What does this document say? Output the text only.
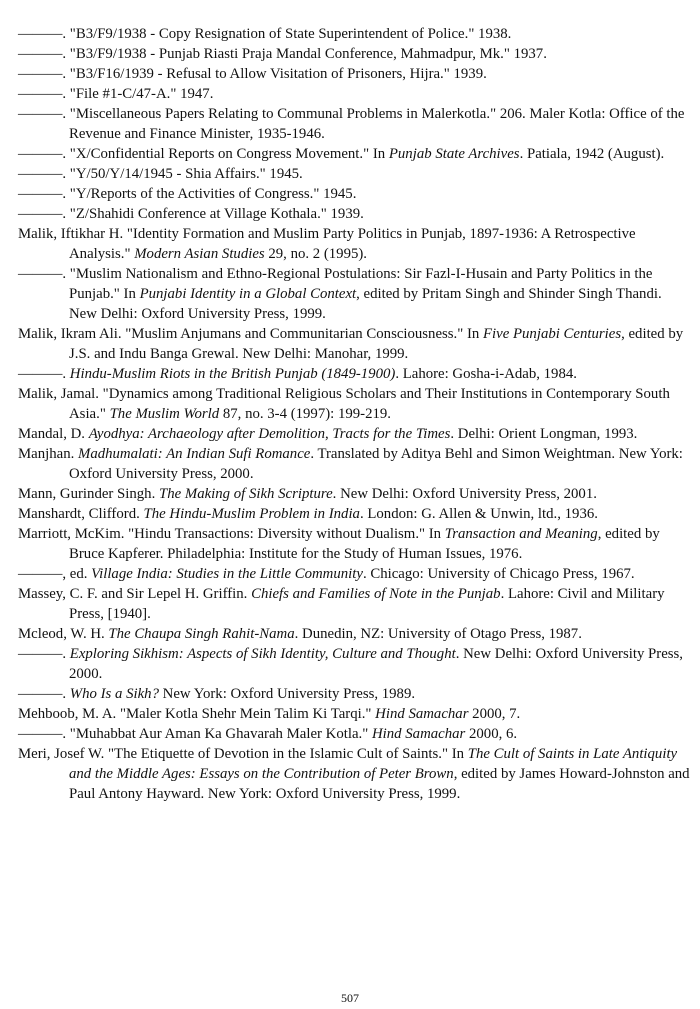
———. "B3/F9/1938 - Copy Resignation of State Superintendent of Police." 1938.

———. "B3/F9/1938 - Punjab Riasti Praja Mandal Conference, Mahmadpur, Mk." 1937.

———. "B3/F16/1939 - Refusal to Allow Visitation of Prisoners, Hijra." 1939.

———. "File #1-C/47-A." 1947.

———. "Miscellaneous Papers Relating to Communal Problems in Malerkotla." 206. Maler Kotla: Office of the Revenue and Finance Minister, 1935-1946.

———. "X/Confidential Reports on Congress Movement." In Punjab State Archives. Patiala, 1942 (August).

———. "Y/50/Y/14/1945 - Shia Affairs." 1945.

———. "Y/Reports of the Activities of Congress." 1945.

———. "Z/Shahidi Conference at Village Kothala." 1939.

Malik, Iftikhar H. "Identity Formation and Muslim Party Politics in Punjab, 1897-1936: A Retrospective Analysis." Modern Asian Studies 29, no. 2 (1995).

———. "Muslim Nationalism and Ethno-Regional Postulations: Sir Fazl-I-Husain and Party Politics in the Punjab." In Punjabi Identity in a Global Context, edited by Pritam Singh and Shinder Singh Thandi. New Delhi: Oxford University Press, 1999.

Malik, Ikram Ali. "Muslim Anjumans and Communitarian Consciousness." In Five Punjabi Centuries, edited by J.S. and Indu Banga Grewal. New Delhi: Manohar, 1999.

———. Hindu-Muslim Riots in the British Punjab (1849-1900). Lahore: Gosha-i-Adab, 1984.

Malik, Jamal. "Dynamics among Traditional Religious Scholars and Their Institutions in Contemporary South Asia." The Muslim World 87, no. 3-4 (1997): 199-219.

Mandal, D. Ayodhya: Archaeology after Demolition, Tracts for the Times. Delhi: Orient Longman, 1993.

Manjhan. Madhumalati: An Indian Sufi Romance. Translated by Aditya Behl and Simon Weightman. New York: Oxford University Press, 2000.

Mann, Gurinder Singh. The Making of Sikh Scripture. New Delhi: Oxford University Press, 2001.

Manshardt, Clifford. The Hindu-Muslim Problem in India. London: G. Allen & Unwin, ltd., 1936.

Marriott, McKim. "Hindu Transactions: Diversity without Dualism." In Transaction and Meaning, edited by Bruce Kapferer. Philadelphia: Institute for the Study of Human Issues, 1976.

———, ed. Village India: Studies in the Little Community. Chicago: University of Chicago Press, 1967.

Massey, C. F. and Sir Lepel H. Griffin. Chiefs and Families of Note in the Punjab. Lahore: Civil and Military Press, [1940].

Mcleod, W. H. The Chaupa Singh Rahit-Nama. Dunedin, NZ: University of Otago Press, 1987.

———. Exploring Sikhism: Aspects of Sikh Identity, Culture and Thought. New Delhi: Oxford University Press, 2000.

———. Who Is a Sikh? New York: Oxford University Press, 1989.

Mehboob, M. A. "Maler Kotla Shehr Mein Talim Ki Tarqi." Hind Samachar 2000, 7.

———. "Muhabbat Aur Aman Ka Ghavarah Maler Kotla." Hind Samachar 2000, 6.

Meri, Josef W. "The Etiquette of Devotion in the Islamic Cult of Saints." In The Cult of Saints in Late Antiquity and the Middle Ages: Essays on the Contribution of Peter Brown, edited by James Howard-Johnston and Paul Antony Hayward. New York: Oxford University Press, 1999.

507
